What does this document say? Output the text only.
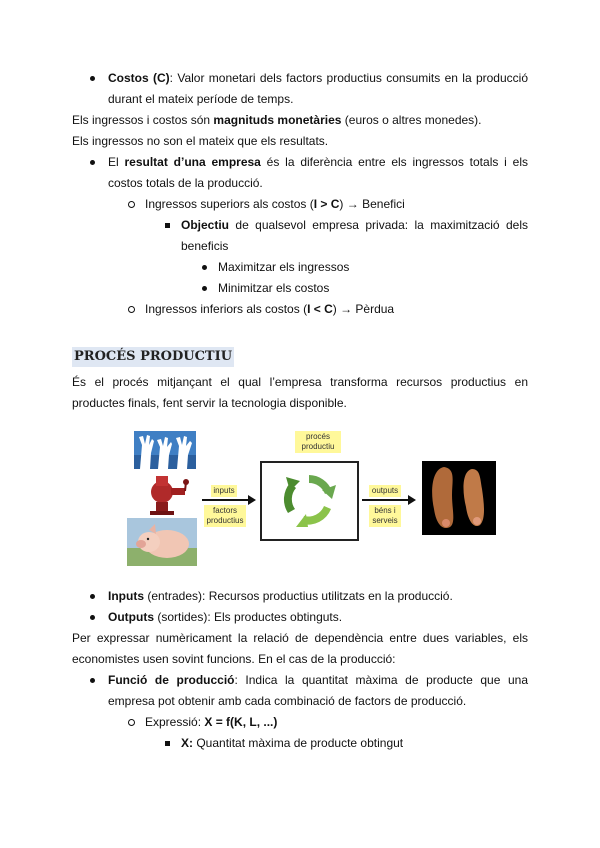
Costos (C): Valor monetari dels factors productius consumits en la producció
durant el mateix període de temps.
Els ingressos i costos són magnituds monetàries (euros o altres monedes).
Els ingressos no son el mateix que els resultats.
El resultat d’una empresa és la diferència entre els ingressos totals i els
costos totals de la producció.
Ingressos superiors als costos (I > C) → Benefici
Objectiu de qualsevol empresa privada: la maximització dels
beneficis
Maximitzar els ingressos
Minimitzar els costos
Ingressos inferiors als costos (I < C) → Pèrdua
PROCÉS PRODUCTIU
És el procés mitjançant el qual l’empresa transforma recursos productius en
productes finals, fent servir la tecnologia disponible.
inputs
factors
productius
procés
productiu
outputs
béns i
serveis
Inputs (entrades): Recursos productius utilitzats en la producció.
Outputs (sortides): Els productes obtinguts.
Per expressar numèricament la relació de dependència entre dues variables, els
economistes usen sovint funcions. En el cas de la producció:
Funció de producció: Indica la quantitat màxima de producte que una
empresa pot obtenir amb cada combinació de factors de producció.
Expressió: X = f(K, L, ...)
X: Quantitat màxima de producte obtingut
